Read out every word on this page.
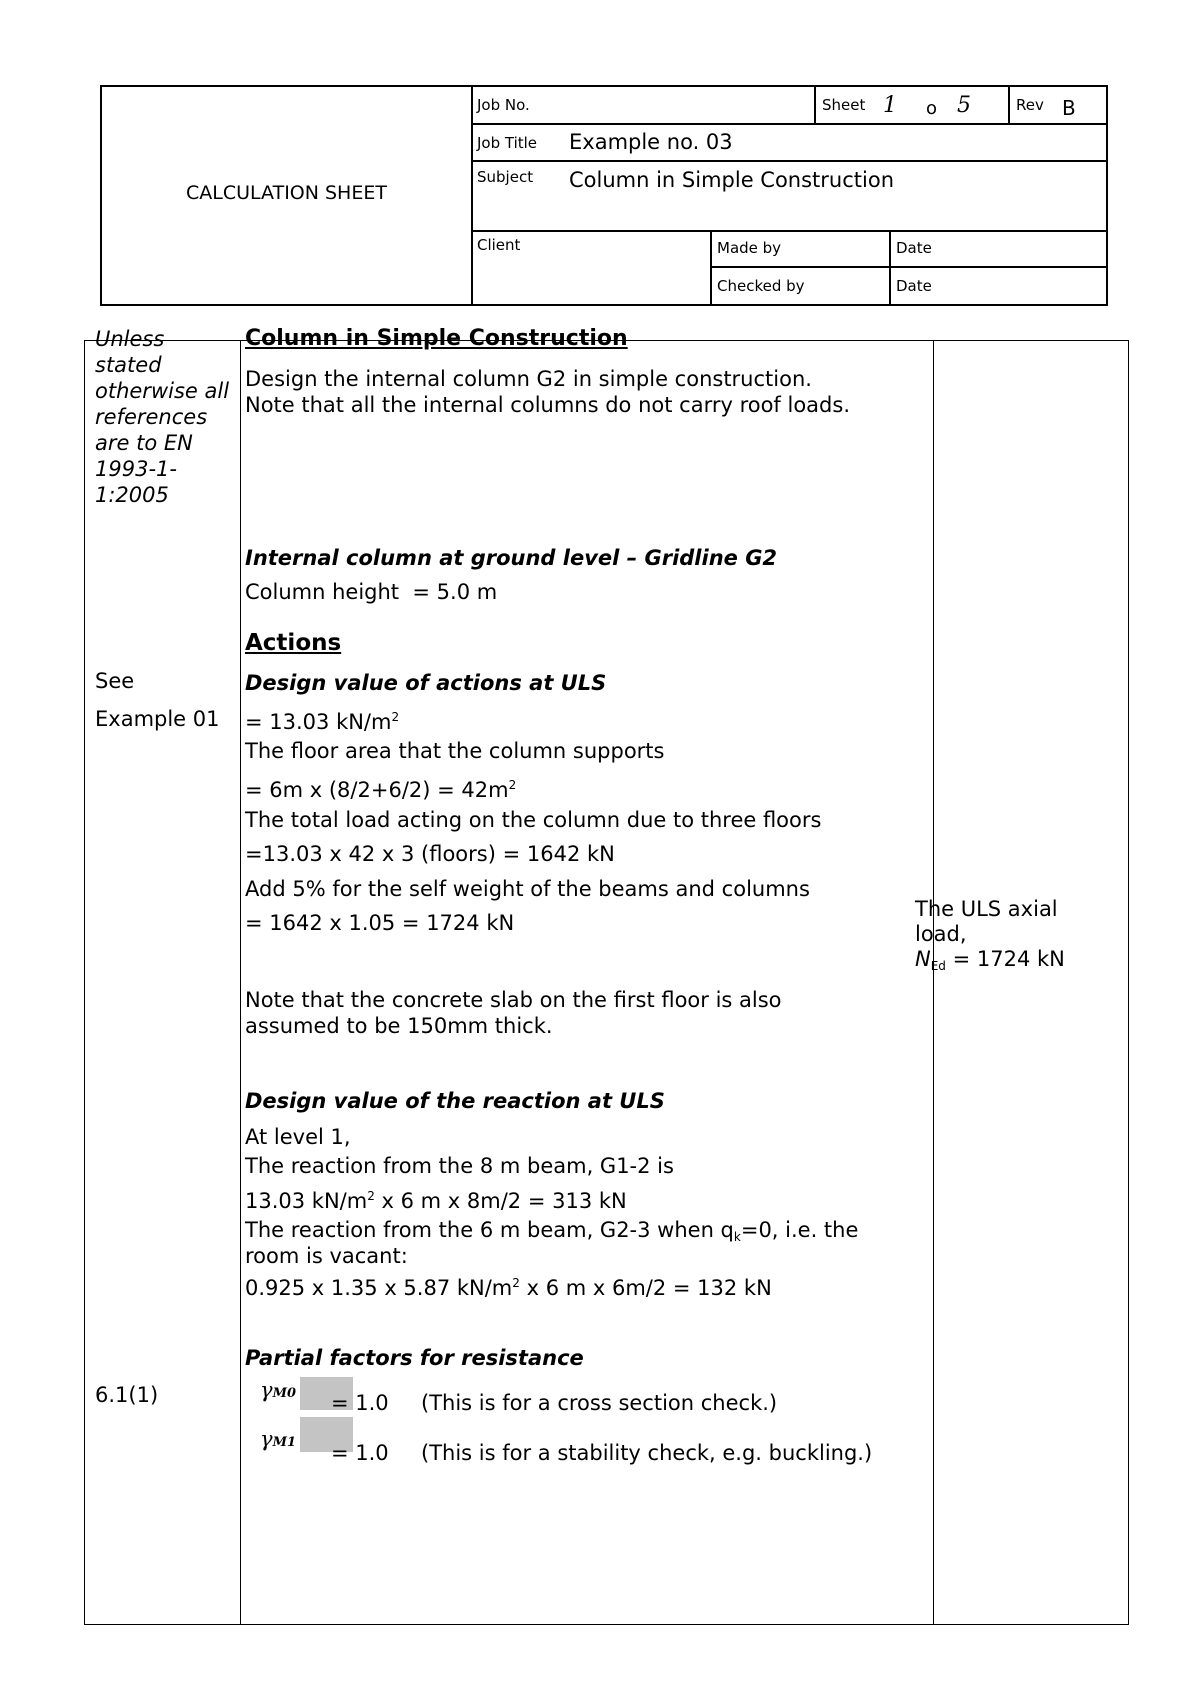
CALCULATION SHEET
Job No.	Sheet 1 o 5	Rev B
Job Title Example no. 03
Subject Column in Simple Construction
Client	Made by	Date
Checked by	Date
Unless stated otherwise all references are to EN 1993-1-1:2005
See
Example 01
6.1(1)
Column in Simple Construction
Design the internal column G2 in simple construction.
Note that all the internal columns do not carry roof loads.
Internal column at ground level – Gridline G2
Column height  = 5.0 m
Actions
Design value of actions at ULS
= 13.03 $kN/m^2$
The floor area that the column supports
= 6m x $(8/2+6/2) = 42m^2$
The total load acting on the column due to three floors
=13.03 x 42 x 3 (floors) = 1642 kN
Add 5% for the self weight of the beams and columns
= 1642 x 1.05 = 1724 kN
Note that the concrete slab on the first floor is also assumed to be 150mm thick.
Design value of the reaction at ULS
At level 1,
The reaction from the 8 m beam, G1-2 is
13.03 $kN/m^2$ x 6 m x 8m/2 = 313 kN
The reaction from the 6 m beam, G2-3 when $q_k=0$, i.e. the
room is vacant:
0.925 x 1.35 x 5.87 $kN/m^2$ x 6 m x 6m/2 = 132 kN
Partial factors for resistance
γM0 = 1.0 (This is for a cross section check.)
γM1 = 1.0 (This is for a stability check, e.g. buckling.)
The ULS axial
load,
$N_{Ed} = 1724$ kN
